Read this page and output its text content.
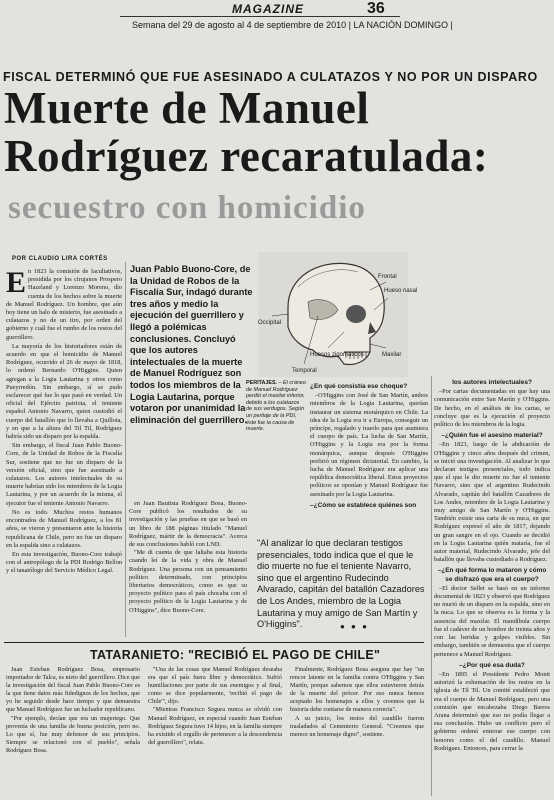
MAGAZINE	36
Semana del 29 de agosto al 4 de septiembre de 2010 | LA NACIÓN DOMINGO |
FISCAL DETERMINÓ QUE FUE ASESINADO A CULATAZOS Y NO POR UN DISPARO
Muerte de Manuel
Rodríguez recaratulada:
secuestro con homicidio
POR CLAUDIO LIRA CORTÉS

En 1823 la comisión de facultativos, presidida por los cirujanos Prospero Hazeland y Lorenzo Moreno, dio cuenta de los hechos sobre la muerte de Manuel Rodríguez. Un hombre, que aún hoy tiene un halo de misterio, fue asesinado a culatazos y no de un tiro, por orden del gobierno y cuál fue el rumbo de los restos del guerrillero.

La mayoría de los historiadores están de acuerdo en que el homicidio de Manuel Rodríguez, ocurrido el 26 de mayo de 1818, lo ordenó Bernardo O'Higgins. Quien agregan a la Logia Lautarina y otros como Pueyrredón. Sin embargo, sí se pudo esclarecer qué fue lo que pasó en verdad. Un oficial del Ejército patriota, el teniente español Antonio Navarro, quien custodió el cuerpo del batallón que lo llevaba a Quillota, y en que a la altura del Til Til, Rodríguez habría sido un disparo por la espalda.

Sin embargo, el fiscal Juan Pablo Buono-Core, de la Unidad de Robos de la Fiscalía Sur, sostiene que no fue un disparo de la versión oficial, sino que fue asesinado a culatazos. Los autores intelectuales de su muerte habrían sido los miembros de la Logia Lautarina, y por un acuerdo de la misma, el ejecutor fue el teniente Antonio Navarro.

No es todo. Muchos restos humanos encontrados de Manuel Rodríguez, a los 81 años, se vieron y presentaron ante la historia republicana de Chile, pero no fue un disparo en la espalda sino a culatazos.

En esta investigación, Buono-Core trabajó con el antropólogo de la PDI Rodrigo Bellon y el tanatólogo del Servicio Médico Legal.

Juan Pablo Buono-Core, de la Unidad de Robos de la Fiscalía Sur, indagó durante tres años y medio la ejecución del guerrillero y llegó a polémicas conclusiones. Concluyó que los autores intelectuales de la muerte de Manuel Rodríguez son todos los miembros de la Logia Lautarina, porque votaron por unanimidad la eliminación del guerrillero.
Frontal
Hueso nasal
Occipital
Huesos zigomáticos	Maxilar
Temporal
PERITAJES. – El cráneo de Manuel Rodríguez perdió el maxilar inferior, debido a los culatazos de sus verdugos. Según un peritaje de la PDI, éste fue la causa de muerte.
¿En qué consistía ese choque?

–O'Higgins con José de San Martín, ambos miembros de la Logia Lautarina, querían instaurar un sistema monárquico en Chile. La idea de la Logia era ir a Europa, conseguir un príncipe, regalado y traerlo para que asumiera el cuerpo de país. La lucha de San Martín, O'Higgins y la Logia era por la forma monárquica, aunque después O'Higgins prefirió un régimen dictatorial. En cambio, la lucha de Manuel Rodríguez era aplicar una república democrática liberal. Estos proyectos políticos se oponían y Manuel Rodríguez fue asesinado por la Logia Lautarina.

–¿Cómo se establece quiénes son

en Juan Bautista Rodríguez Bosa, Buono-Core publicó los resultados de su investigación y las pruebas en que se basó en un libro de 188 páginas titulado "Manuel Rodríguez, mártir de la democracia". Acerca de sus conclusiones habló con LND.

"Me di cuenta de que faltaba esta historia cuando leí de la vida y obra de Manuel Rodríguez. Una persona con un pensamiento político determinado, con principios libertarios democráticos, como es que su proyecto político para el país chocaba con el proyecto político de la Logia Lautarina y de O'Higgins", dice Buono-Core.

"Al analizar lo que declaran testigos presenciales, todo indica que el que le dio muerte no fue el teniente Navarro, sino que el argentino Rudecindo Alvarado, capitán del batallón Cazadores de Los Andes, miembro de la Logia Lautarina y muy amigo de San Martín y O'Higgins".	● ● ●
los autores intelectuales?

–Por cartas documentadas en que hay una comunicación entre San Martín y O'Higgins. De hecho, en el análisis de los cartas, se concluye que es la ejecución el proyecto político de los miembros de la logia.

–¿Quién fue el asesino material?

–En 1823, luego de la abdicación de O'Higgins y cinco años después del crimen, se inició una investigación. Al analizar lo que declaran testigos presenciales, todo indica que el que le dio muerte no fue el teniente Navarro, sino que el argentino Rudecindo Alvarado, capitán del batallón Cazadores de Los Andes, miembro de la Logia Lautarina y muy amigo de San Martín y O'Higgins. También existe una carta de su nuca, en que Rodríguez expresó el año de 1817, dejando un gran sangre en el ojo. Cuando se decidió en la Logia Lautarina quién mataría, fue el autor material, Rudecindo Alvarado, jefe del batallón que llevaba custodiado a Rodríguez.

–¿En qué forma lo mataron y cómo se disfrazó que era el cuerpo?

–El doctor Sellet se basó en un informe documental de 1823 y observó que Rodríguez no murió de un disparo en la espalda, sino en la nuca. Lo que se observa es la forma y la ausencia del maxilar. El mandíbula cuerpo fue el cadáver de un hombre de treinta años y con las heridas y golpes visibles. Sin embargo, también se demuestra que el cuerpo pertenece a Manuel Rodríguez.

–¿Por qué esa duda?

–En 1895 el Presidente Pedro Montt autorizó la exhumación de los restos en la iglesia de Til Til. Un comité estableció que era el cuerpo de Manuel Rodríguez, pero una comisión que encabezaba Diego Barros Arana determinó que eso no podía llegar a esa conclusión. Hubo un conflicto pero el gobierno ordenó enterrar ese cuerpo con honores como el del caudillo. Manuel Rodríguez. Entonces, para cerrar la

TATARANIETO: "RECIBIÓ EL PAGO DE CHILE"

Juan Esteban Rodríguez Bosa, empresario importador de Talca, es nieto del guerrillero. Dice que la investigación del fiscal Juan Pablo Buono-Core es la que tiene datos más fidedignos de los hechos, que yo he seguido desde hace tiempo y que demuestra que Manuel Rodríguez fue un luchador republicano.

"Por ejemplo, decían que era un mujeriego. Que provenía de una familia de buena posición, pero no. Lo que sí, fue muy defensor de sus principios. Siempre se relacionó con el pueblo", señala Rodríguez Bosa.

"Una de las cosas que Manuel Rodríguez deseaba era que el país fuera libre y democrático. Sufrió humillaciones por parte de sus enemigos y al final, como se dice popularmente, 'recibió el pago de Chile'", dijo.

"Mientras Francisco Segura nunca se olvidó con Manuel Rodríguez, en especial cuando Juan Esteban Rodríguez Segura tuvo 14 hijos, en la familia siempre ha existido el orgullo de pertenecer a la descendencia del guerrillero", relata.

Finalmente, Rodríguez Bosa asegura que hay "un rencor latente en la familia contra O'Higgins y San Martín, porque sabemos que ellos estuvieron detrás de la muerte del prócer. Por eso nunca hemos aceptado los homenajes a ellos y creemos que la historia debe contarse de manera correcta".

A su juicio, los restos del caudillo fueron trasladados al Cementerio General. "Creemos que merece un homenaje digno", sostiene.
